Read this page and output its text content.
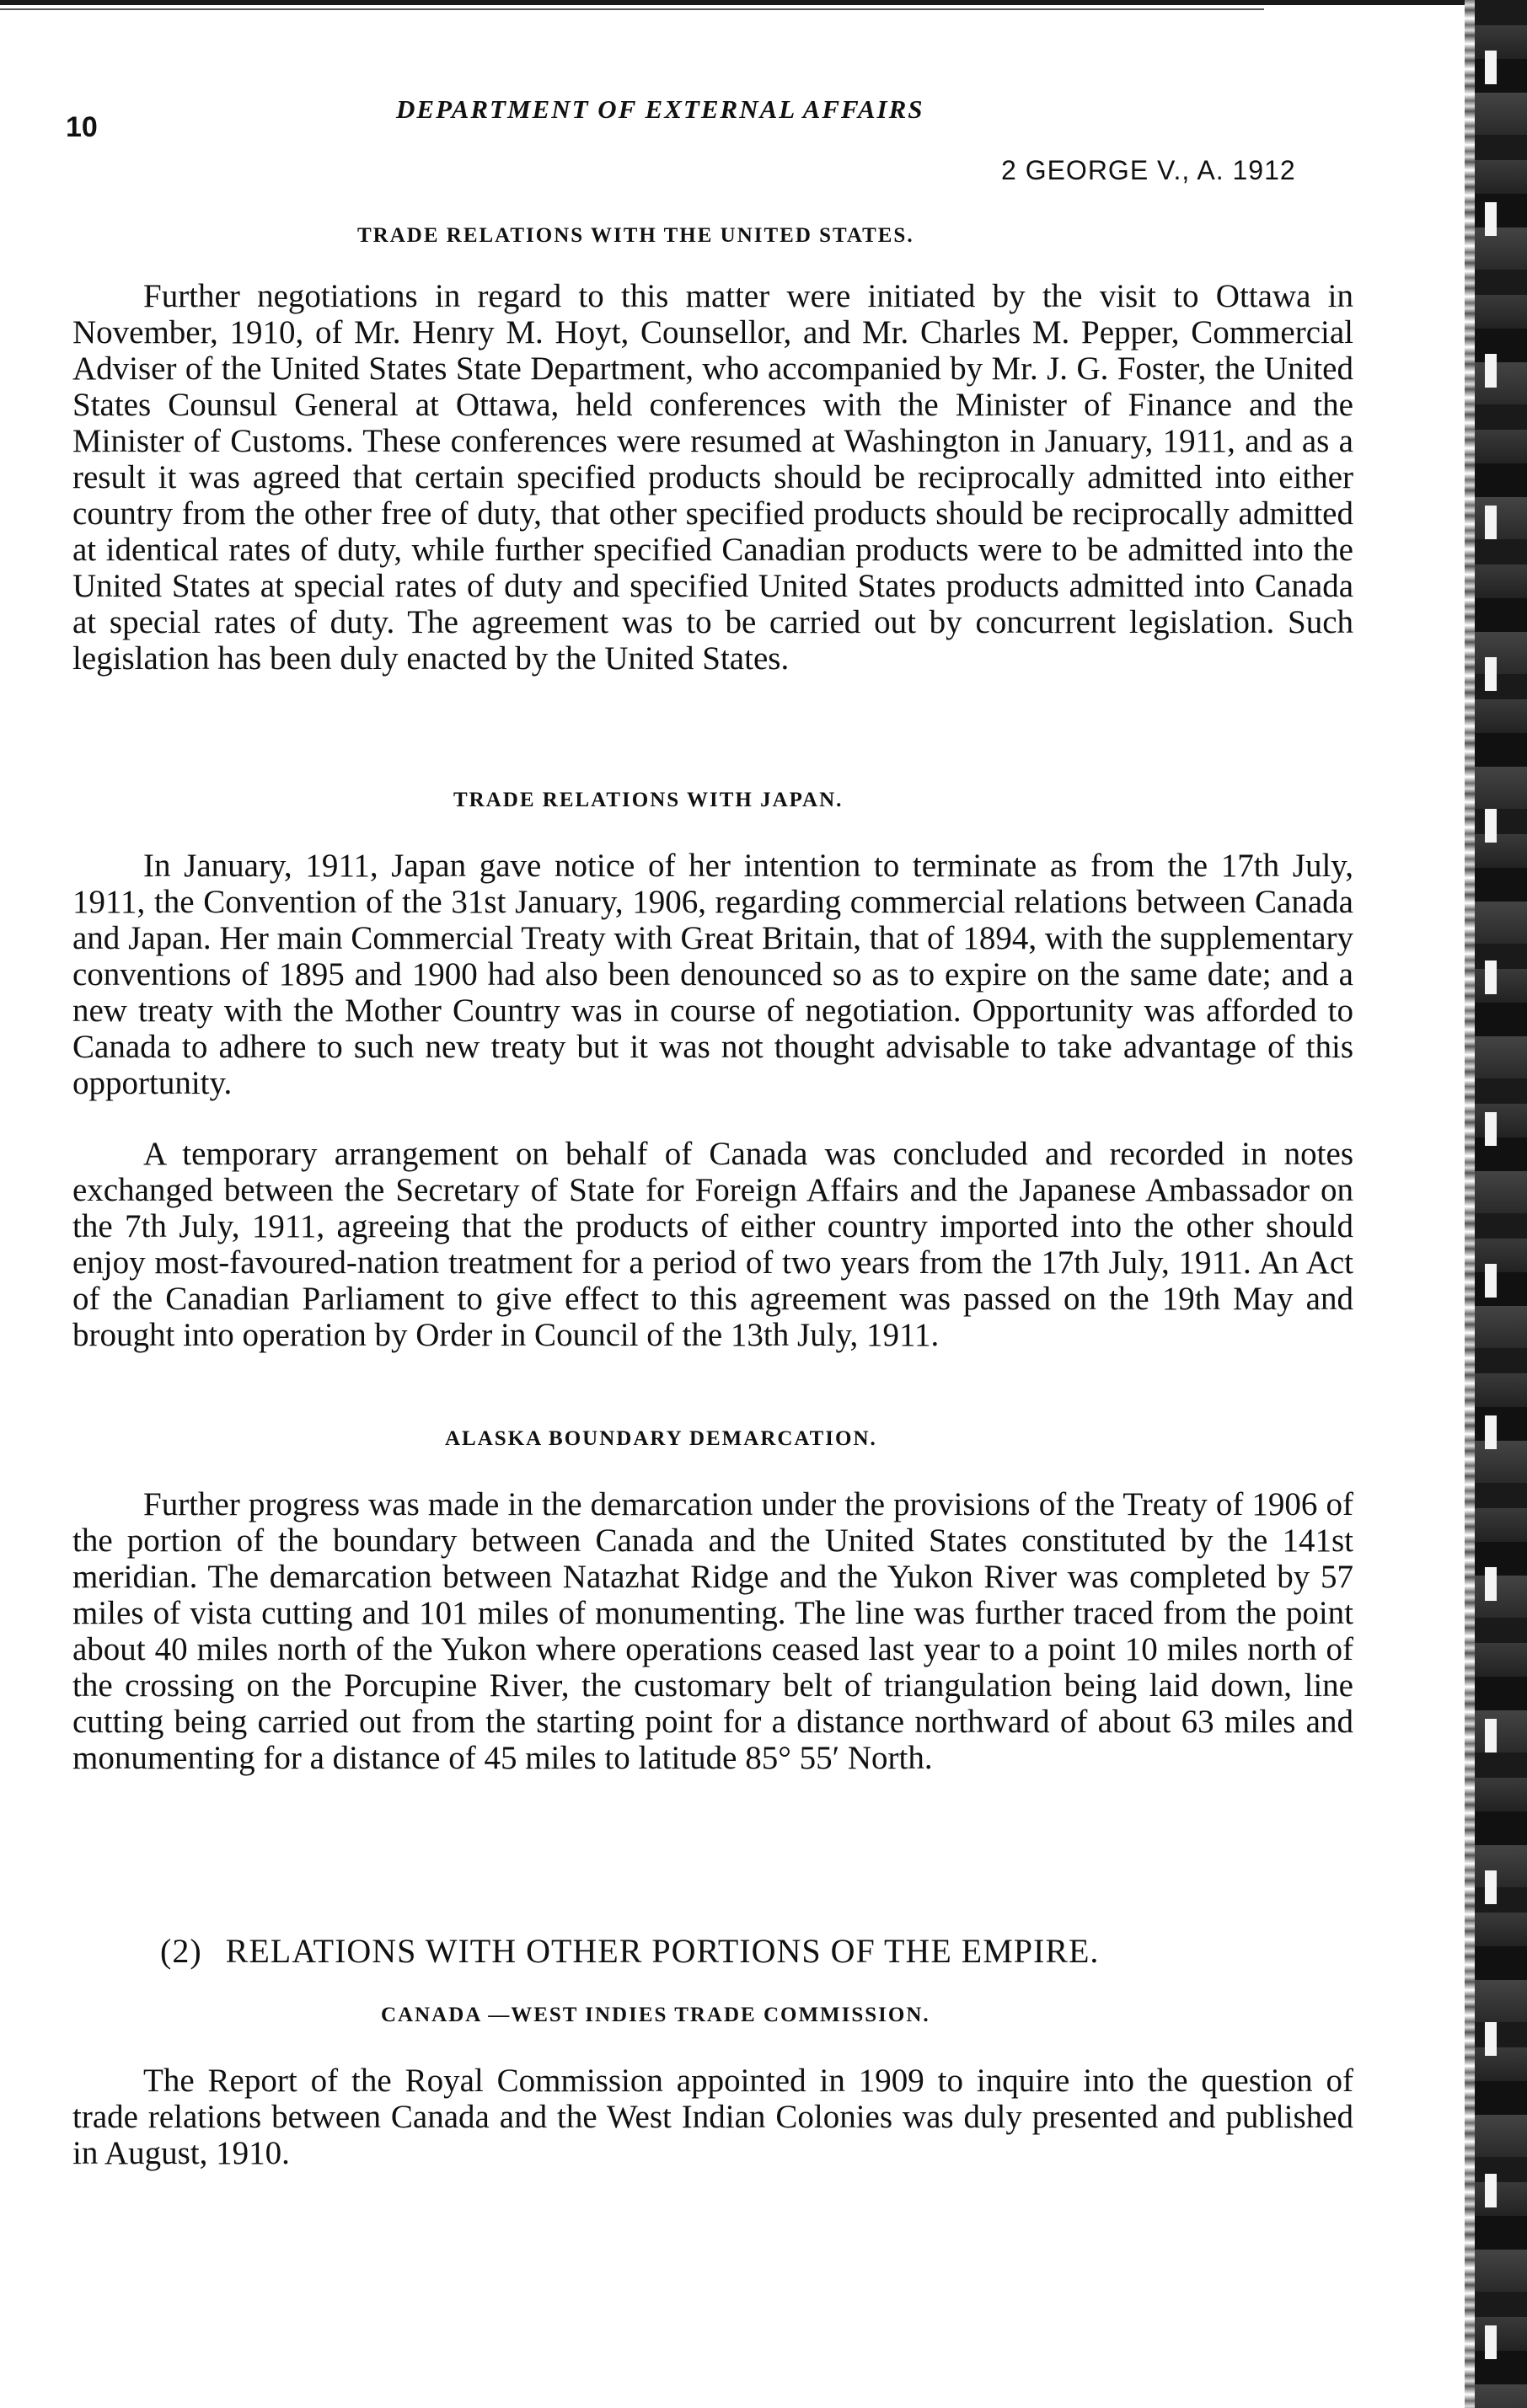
10
DEPARTMENT OF EXTERNAL AFFAIRS
2 GEORGE V., A. 1912
TRADE RELATIONS WITH THE UNITED STATES.

Further negotiations in regard to this matter were initiated by the visit to Ottawa in November, 1910, of Mr. Henry M. Hoyt, Counsellor, and Mr. Charles M. Pepper, Commercial Adviser of the United States State Department, who accompanied by Mr. J. G. Foster, the United States Counsul General at Ottawa, held conferences with the Minister of Finance and the Minister of Customs. These conferences were resumed at Washington in January, 1911, and as a result it was agreed that certain specified products should be reciprocally admitted into either country from the other free of duty, that other specified products should be reciprocally admitted at identical rates of duty, while further specified Canadian products were to be admitted into the United States at special rates of duty and specified United States products admitted into Canada at special rates of duty. The agreement was to be carried out by concurrent legislation. Such legislation has been duly enacted by the United States.

TRADE RELATIONS WITH JAPAN.

In January, 1911, Japan gave notice of her intention to terminate as from the 17th July, 1911, the Convention of the 31st January, 1906, regarding commercial relations between Canada and Japan. Her main Commercial Treaty with Great Britain, that of 1894, with the supplementary conventions of 1895 and 1900 had also been denounced so as to expire on the same date; and a new treaty with the Mother Country was in course of negotiation. Opportunity was afforded to Canada to adhere to such new treaty but it was not thought advisable to take advantage of this opportunity.

A temporary arrangement on behalf of Canada was concluded and recorded in notes exchanged between the Secretary of State for Foreign Affairs and the Japanese Ambassador on the 7th July, 1911, agreeing that the products of either country imported into the other should enjoy most-favoured-nation treatment for a period of two years from the 17th July, 1911. An Act of the Canadian Parliament to give effect to this agreement was passed on the 19th May and brought into operation by Order in Council of the 13th July, 1911.

ALASKA BOUNDARY DEMARCATION.

Further progress was made in the demarcation under the provisions of the Treaty of 1906 of the portion of the boundary between Canada and the United States constituted by the 141st meridian. The demarcation between Natazhat Ridge and the Yukon River was completed by 57 miles of vista cutting and 101 miles of monumenting. The line was further traced from the point about 40 miles north of the Yukon where operations ceased last year to a point 10 miles north of the crossing on the Porcupine River, the customary belt of triangulation being laid down, line cutting being carried out from the starting point for a distance northward of about 63 miles and monumenting for a distance of 45 miles to latitude 85° 55′ North.

(2) RELATIONS WITH OTHER PORTIONS OF THE EMPIRE.
CANADA —WEST INDIES TRADE COMMISSION.

The Report of the Royal Commission appointed in 1909 to inquire into the question of trade relations between Canada and the West Indian Colonies was duly presented and published in August, 1910.
